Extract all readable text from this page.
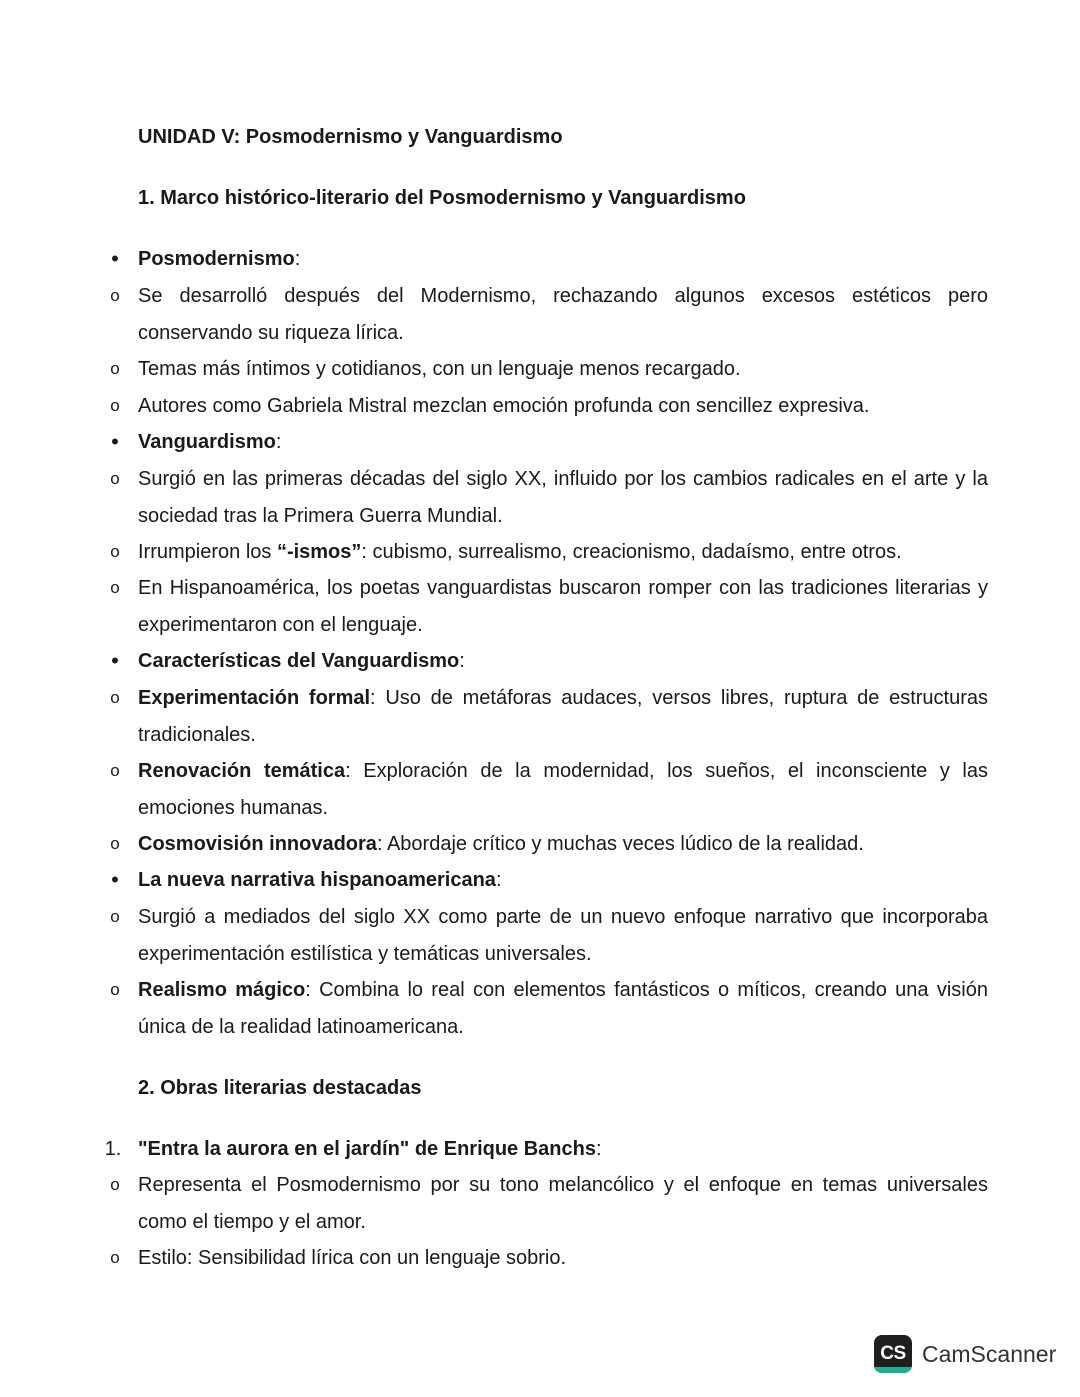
UNIDAD V: Posmodernismo y Vanguardismo
1. Marco histórico-literario del Posmodernismo y Vanguardismo
• Posmodernismo:
o Se desarrolló después del Modernismo, rechazando algunos excesos estéticos pero conservando su riqueza lírica.
o Temas más íntimos y cotidianos, con un lenguaje menos recargado.
o Autores como Gabriela Mistral mezclan emoción profunda con sencillez expresiva.
• Vanguardismo:
o Surgió en las primeras décadas del siglo XX, influido por los cambios radicales en el arte y la sociedad tras la Primera Guerra Mundial.
o Irrumpieron los “-ismos”: cubismo, surrealismo, creacionismo, dadaísmo, entre otros.
o En Hispanoamérica, los poetas vanguardistas buscaron romper con las tradiciones literarias y experimentaron con el lenguaje.
• Características del Vanguardismo:
o Experimentación formal: Uso de metáforas audaces, versos libres, ruptura de estructuras tradicionales.
o Renovación temática: Exploración de la modernidad, los sueños, el inconsciente y las emociones humanas.
o Cosmovisión innovadora: Abordaje crítico y muchas veces lúdico de la realidad.
• La nueva narrativa hispanoamericana:
o Surgió a mediados del siglo XX como parte de un nuevo enfoque narrativo que incorporaba experimentación estilística y temáticas universales.
o Realismo mágico: Combina lo real con elementos fantásticos o míticos, creando una visión única de la realidad latinoamericana.
2. Obras literarias destacadas
1. "Entra la aurora en el jardín" de Enrique Banchs:
o Representa el Posmodernismo por su tono melancólico y el enfoque en temas universales como el tiempo y el amor.
o Estilo: Sensibilidad lírica con un lenguaje sobrio.
CS CamScanner
